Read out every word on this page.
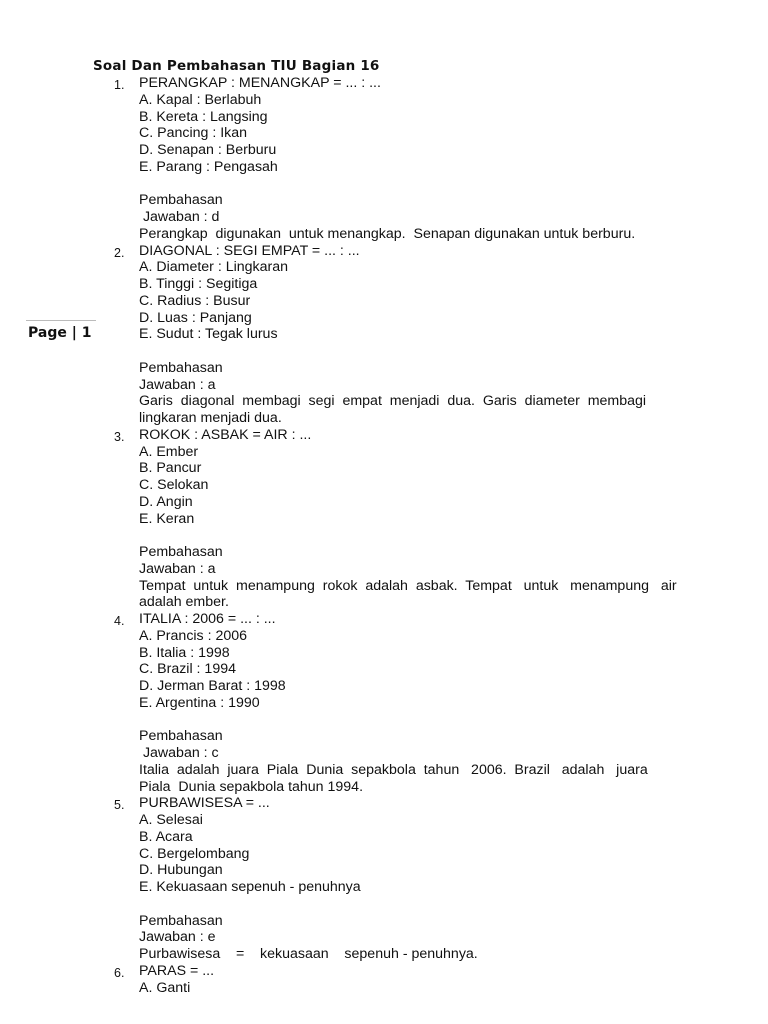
Page | 1
Soal Dan Pembahasan TIU Bagian 16
1. PERANGKAP : MENANGKAP = ... : ...
A. Kapal : Berlabuh
B. Kereta : Langsing
C. Pancing : Ikan
D. Senapan : Berburu
E. Parang : Pengasah
Pembahasan
Jawaban : d
Perangkap  digunakan  untuk menangkap.  Senapan digunakan untuk berburu.
2. DIAGONAL : SEGI EMPAT = ... : ...
A. Diameter : Lingkaran
B. Tinggi : Segitiga
C. Radius : Busur
D. Luas : Panjang
E. Sudut : Tegak lurus
Pembahasan
Jawaban : a
Garis  diagonal  membagi  segi  empat  menjadi  dua.  Garis  diameter  membagi
lingkaran menjadi dua.
3. ROKOK : ASBAK = AIR : ...
A. Ember
B. Pancur
C. Selokan
D. Angin
E. Keran
Pembahasan
Jawaban : a
Tempat  untuk  menampung  rokok  adalah  asbak.  Tempat   untuk   menampung   air
adalah ember.
4. ITALIA : 2006 = ... : ...
A. Prancis : 2006
B. Italia : 1998
C. Brazil : 1994
D. Jerman Barat : 1998
E. Argentina : 1990
Pembahasan
Jawaban : c
Italia  adalah  juara  Piala  Dunia  sepakbola  tahun   2006.  Brazil   adalah   juara
Piala  Dunia sepakbola tahun 1994.
5. PURBAWISESA = ...
A. Selesai
B. Acara
C. Bergelombang
D. Hubungan
E. Kekuasaan sepenuh - penuhnya
Pembahasan
Jawaban : e
Purbawisesa    =    kekuasaan    sepenuh - penuhnya.
6. PARAS = ...
A. Ganti
